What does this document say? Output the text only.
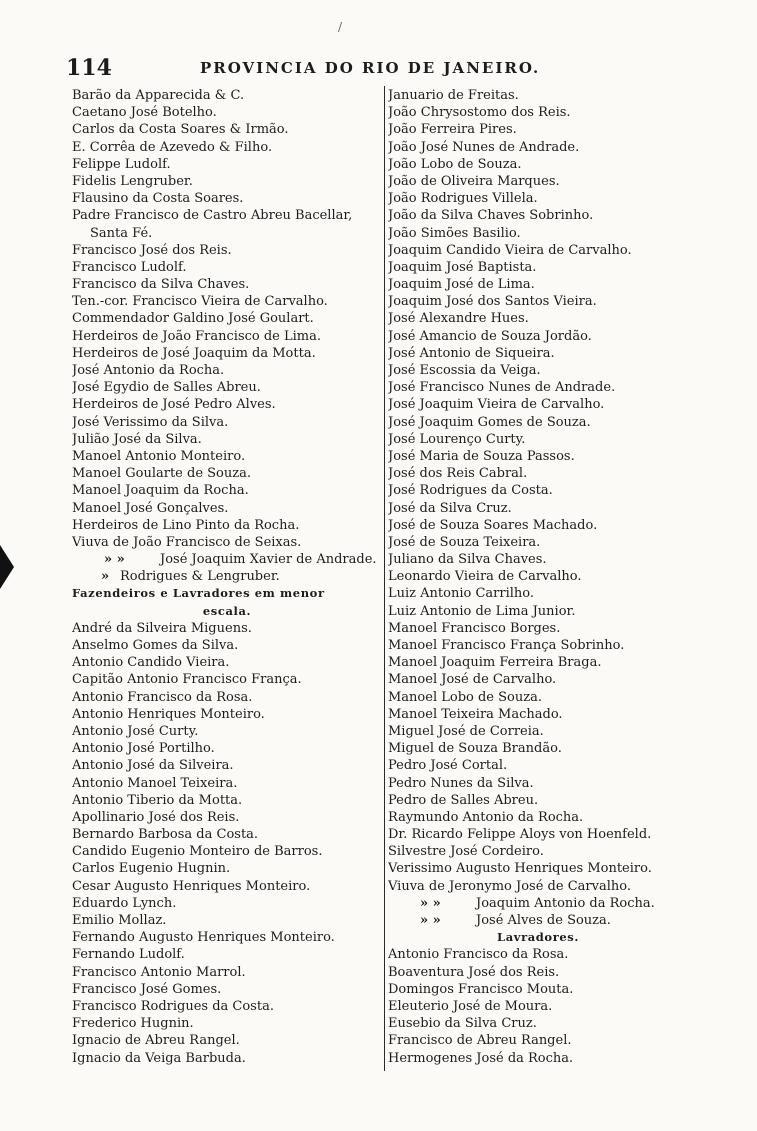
114	PROVINCIA DO RIO DE JANEIRO.
/
Barão da Apparecida & C.
Caetano José Botelho.
Carlos da Costa Soares & Irmão.
E. Corrêa de Azevedo & Filho.
Felippe Ludolf.
Fidelis Lengruber.
Flausino da Costa Soares.
Padre Francisco de Castro Abreu Bacellar,
Santa Fé.
Francisco José dos Reis.
Francisco Ludolf.
Francisco da Silva Chaves.
Ten.-cor. Francisco Vieira de Carvalho.
Commendador Galdino José Goulart.
Herdeiros de João Francisco de Lima.
Herdeiros de José Joaquim da Motta.
José Antonio da Rocha.
José Egydio de Salles Abreu.
Herdeiros de José Pedro Alves.
José Verissimo da Silva.
Julião José da Silva.
Manoel Antonio Monteiro.
Manoel Goularte de Souza.
Manoel Joaquim da Rocha.
Manoel José Gonçalves.
Herdeiros de Lino Pinto da Rocha.
Viuva de João Francisco de Seixas.
» »	José Joaquim Xavier de Andrade.
» Rodrigues & Lengruber.
Fazendeiros e Lavradores em menor
escala.
André da Silveira Miguens.
Anselmo Gomes da Silva.
Antonio Candido Vieira.
Capitão Antonio Francisco França.
Antonio Francisco da Rosa.
Antonio Henriques Monteiro.
Antonio José Curty.
Antonio José Portilho.
Antonio José da Silveira.
Antonio Manoel Teixeira.
Antonio Tiberio da Motta.
Apollinario José dos Reis.
Bernardo Barbosa da Costa.
Candido Eugenio Monteiro de Barros.
Carlos Eugenio Hugnin.
Cesar Augusto Henriques Monteiro.
Eduardo Lynch.
Emilio Mollaz.
Fernando Augusto Henriques Monteiro.
Fernando Ludolf.
Francisco Antonio Marrol.
Francisco José Gomes.
Francisco Rodrigues da Costa.
Frederico Hugnin.
Ignacio de Abreu Rangel.
Ignacio da Veiga Barbuda.
Januario de Freitas.
João Chrysostomo dos Reis.
João Ferreira Pires.
João José Nunes de Andrade.
João Lobo de Souza.
João de Oliveira Marques.
João Rodrigues Villela.
João da Silva Chaves Sobrinho.
João Simões Basilio.
Joaquim Candido Vieira de Carvalho.
Joaquim José Baptista.
Joaquim José de Lima.
Joaquim José dos Santos Vieira.
José Alexandre Hues.
José Amancio de Souza Jordão.
José Antonio de Siqueira.
José Escossia da Veiga.
José Francisco Nunes de Andrade.
José Joaquim Vieira de Carvalho.
José Joaquim Gomes de Souza.
José Lourenço Curty.
José Maria de Souza Passos.
José dos Reis Cabral.
José Rodrigues da Costa.
José da Silva Cruz.
José de Souza Soares Machado.
José de Souza Teixeira.
Juliano da Silva Chaves.
Leonardo Vieira de Carvalho.
Luiz Antonio Carrilho.
Luiz Antonio de Lima Junior.
Manoel Francisco Borges.
Manoel Francisco França Sobrinho.
Manoel Joaquim Ferreira Braga.
Manoel José de Carvalho.
Manoel Lobo de Souza.
Manoel Teixeira Machado.
Miguel José de Correia.
Miguel de Souza Brandão.
Pedro José Cortal.
Pedro Nunes da Silva.
Pedro de Salles Abreu.
Raymundo Antonio da Rocha.
Dr. Ricardo Felippe Aloys von Hoenfeld.
Silvestre José Cordeiro.
Verissimo Augusto Henriques Monteiro.
Viuva de Jeronymo José de Carvalho.
» »	Joaquim Antonio da Rocha.
» »	José Alves de Souza.
Lavradores.
Antonio Francisco da Rosa.
Boaventura José dos Reis.
Domingos Francisco Mouta.
Eleuterio José de Moura.
Eusebio da Silva Cruz.
Francisco de Abreu Rangel.
Hermogenes José da Rocha.
